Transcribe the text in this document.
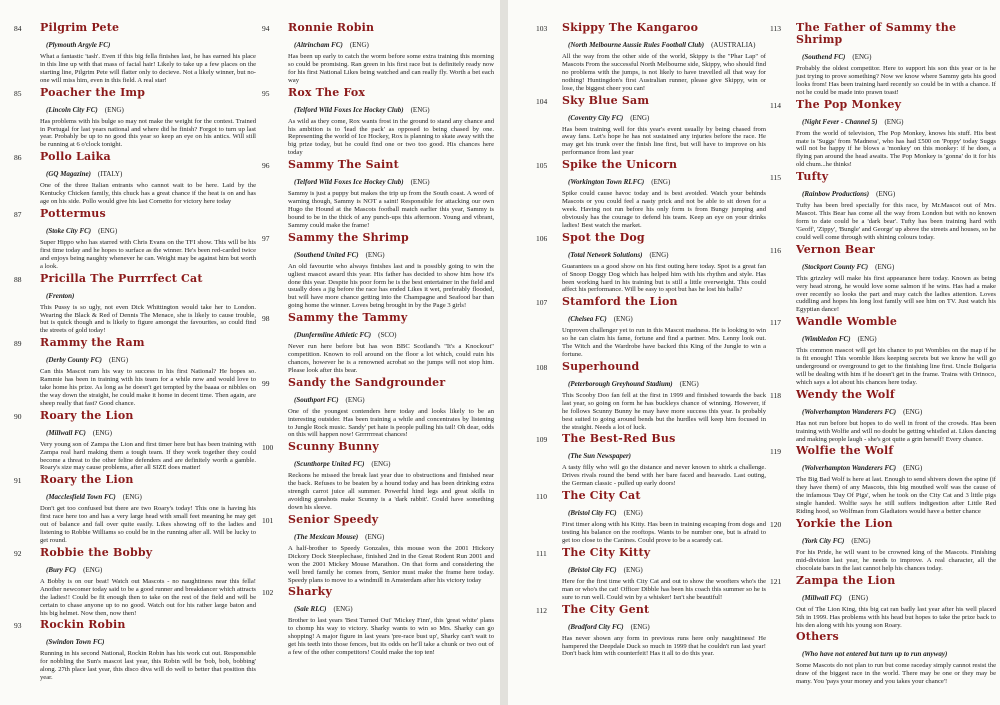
84 Pilgrim Pete
(Plymouth Argyle FC)
What a fantastic 'tash'. Even if this big fella finishes last, he has earned his place in this line up with that mass of facial hair! Likely to take up a few places on the starting line, Pilgrim Pete will flatter only to decieve. Not a likely winner, but no-one will miss him, even in this field. A real star!
85 Poacher the Imp
(Lincoln City FC) (ENG)
Has problems with his bulge so may not make the weight for the contest. Trained in Portugal for last years national and where did he finish? Forgot to turn up last year. Probably be up to no good this year so keep an eye on his antics. Will still be running at 6 o'clock tonight.
86 Pollo Laika
(GQ Magazine) (ITALY)
One of the three Italian entrants who cannot wait to be here. Laid by the Kentucky Chicken family, this chuck has a great chance if the heat is on and has age on his side. Pollo would give his last Cornetto for victory here today
87 Pottermus
(Stoke City FC) (ENG)
Super Hippo who has starred with Chris Evans on the TFI show. This will be his first time today and he hopes to surface as the winner. He's been red-carded twice and enjoys being naughty whenever he can. Weight may be against him but worth a look.
88 Pricilla The Purrrfect Cat
(Frenton)
This Pussy is so ugly, not even Dick Whittington would take her to London. Wearing the Black & Red of Dennis The Menace, she is likely to cause trouble, but is quick though and is likely to figure amongst the favourites, so could find the streets of gold today!
89 Rammy the Ram
(Derby County FC) (ENG)
Can this Mascot ram his way to success in his first National? He hopes so. Rammie has been in training with his team for a while now and would love to take home his prize. As long as he doesn't get tempted by the baaaa or nibbles on the way down the straight, he could make it home in decent time. Then again, are sheep really that fast? Good chance.
90 Roary the Lion
(Millwall FC) (ENG)
Very young son of Zampa the Lion and first timer here but has been training with Zampa real hard making them a tough team. If they work together they could become a threat to the other feline defenders and are definitely worth a gamble. Roary's size may cause problems, after all SIZE does matter!
91 Roary the Lion
(Macclesfield Town FC) (ENG)
Don't get too confused but there are two Roary's today! This one is having his first race here too and has a very large head with small feet meaning he may get out of balance and fall over quite easily. Likes showing off to the ladies and listening to Robbie Williams so could be in the running after all. Will be lucky to get round.
92 Robbie the Bobby
(Bury FC) (ENG)
A Bobby is on our beat! Watch out Mascots - no naughtiness near this fella! Another newcomer today said to be a good runner and breakdancer which attracts the ladies!! Could be fit enough then to take on the rest of the field and will be certain to chase anyone up to no good. Watch out for his rather large baton and his big helmet. Now then, now then!
93 Rockin Robin
(Swindon Town FC)
Running in his second National, Rockin Robin has his work cut out. Responsible for nobbling the Sun's mascot last year, this Robin will be 'bob, bob, bobbing' along. 27th place last year, this disco diva will do well to better that position this year.
94 Ronnie Robin
(Altrincham FC) (ENG)
Has been up early to catch the worm before some extra training this morning so could be promising. Ran green in his first race but is definitely ready now for his first National Likes being watched and can really fly. Worth a bet each way
95 Rox The Fox
(Telford Wild Foxes Ice Hockey Club) (ENG)
As wild as they come, Rox wants frost in the ground to stand any chance and his ambition is to 'lead the pack' as opposed to being chased by one. Representing the world of Ice Hockey, Rox is planning to skate away with the big prize today, but he could find one or two too good. His chances here today
96 Sammy The Saint
(Telford Wild Foxes Ice Hockey Club) (ENG)
Sammy is just a puppy but makes the trip up from the South coast. A word of warning though, Sammy is NOT a saint! Responsible for attacking our own Hugo the Hound at the Mascots football match earlier this year, Sammy is bound to be in the thick of any punch-ups this afternoon. Young and vibrant, Sammy could make the frame!
97 Sammy the Shrimp
(Southend United FC) (ENG)
An old favourite who always finishes last and is possibly going to win the ugliest mascot award this year. His father has decided to show him how it's done this year. Despite his poor form he is the best entertainer in the field and usually does a jig before the race has ended Likes it wet, preferably flooded, but will have more chance getting into the Champagne and Seafood bar than going home the winner. Loves being brought in by the Page 3 girls!
98 Sammy the Tammy
(Dunfermline Athletic FC) (SCO)
Never run here before but has won BBC Scotland's "It's a Knockout" competition. Known to roll around on the floor a lot which, could ruin his chances, however he is a renowned acrobat so the jumps will not stop him. Please look after this bear.
99 Sandy the Sandgrounder
(Southport FC) (ENG)
One of the youngest contenders here today and looks likely to be an interesting outsider. Has been training a while and concentrates by listening to Jungle Rock music. Sandy' pet hate is people pulling his tail! Oh dear, odds on this will happen now! Grrrrrrreat chances!
100 Scunny Bunny
(Scunthorpe United FC) (ENG)
Reckons he missed the break last year due to obstructions and finished near the back. Refuses to be beaten by a hound today and has been drinking extra strength carrot juice all summer. Powerful hind legs and great skills in avoiding gunshots make Scunny is a 'dark rabbit'. Could have something down his sleeve.
101 Senior Speedy
(The Mexican Mouse) (ENG)
A half-brother to Speedy Gonzales, this mouse won the 2001 Hickory Dickory Dock Steeplechase, finished 2nd in the Great Rodent Run 2001 and won the 2001 Mickey Mouse Marathon. On that form and considering the well bred family he comes from, Senior must make the frame here today. Speedy plans to move to a windmill in Amsterdam after his victory today
102 Sharky
(Sale RLC) (ENG)
Brother to last years 'Best Turned Out' 'Mickey Finn', this 'great white' plans to chomp his way to victory. Sharky wants to win so Mrs. Sharky can go shopping! A major figure in last years 'pre-race bust up', Sharky can't wait to get his teeth into those fences, but its odds on he'll take a chunk or two out of a few of the other competitors! Could make the top ten!
103 Skippy The Kangaroo
(North Melbourne Aussie Rules Football Club) (AUSTRALIA)
All the way from the other side of the world, Skippy is the "Phar Lap" of Mascots From the successful North Melbourne side, Skippy, who should find no problems with the jumps, is not likely to have travelled all that way for nothing! Huntingdon's first Australian runner, please give Skippy, win or lose, the biggest cheer you can!
104 Sky Blue Sam
(Coventry City FC) (ENG)
Has been training well for this year's event usually by being chased from away fans. Let's hope he has not sustained any injuries before the race. He may get his trunk over the finish line first, but will have to improve on his performance from last year
105 Spike the Unicorn
(Workington Town RLFC) (ENG)
Spike could cause havoc today and is best avoided. Watch your behinds Mascots or you could feel a nasty prick and not be able to sit down for a week. Having not run before his only form is from Bungy jumping and obviously has the courage to defend his team. Keep an eye on your drinks ladies! Best watch the market.
106 Spot the Dog
(Total Network Solutions) (ENG)
Guarantees us a good show on his first outing here today. Spot is a great fan of Snoop Doggy Dog which has helped him with his rhythm and style. Has been working hard in his training but is still a little overweight. This could affect his performance. Will be easy to spot but has he lost his balls?
107 Stamford the Lion
(Chelsea FC) (ENG)
Unproven challenger yet to run in this Mascot madness. He is looking to win so he can claim his fame, fortune and find a partner. Mrs. Lenny look out. The Witch and the Wardrobe have backed this King of the Jungle to win a fortune.
108 Superhound
(Peterborough Greyhound Stadium) (ENG)
This Scooby Doo fan fell at the first in 1999 and finished towards the back last year, so going on form he has buckleys chance of winning. However, if he follows Scunny Bunny he may have more success this year. Is probably best suited to going around bends but the hurdles will keep him focused in the straight. Needs a lot of luck.
109 The Best-Red Bus
(The Sun Newspaper)
A tasty filly who will go the distance and never known to shirk a challenge. Drives rivals round the bend with her bare faced and heavado. Last outing, the German classic - pulled up early doors!
110 The City Cat
(Bristol City FC) (ENG)
First timer along with his Kitty. Has been in training escaping from dogs and testing his balance on the rooftops. Wants to be number one, but is afraid to get too close to the Canines. Could prove to be a scaredy cat.
111 The City Kitty
(Bristol City FC) (ENG)
Here for the first time with City Cat and out to show the woofters who's the man or who's the cat! Officer Dibble has been his coach this summer so he is sure to run well. Could win by a whisker! Isn't she beautiful!
112 The City Gent
(Bradford City FC) (ENG)
Has never shown any form in previous runs here only naughtiness! He hampered the Deepdale Duck so much in 1999 that he couldn't run last year! Don't back him with counterfeit! Has it all to do this year.
113 The Father of Sammy the Shrimp
(Southend FC) (ENG)
Probably the oldest competitor. Here to support his son this year or is he just trying to prove something? Now we know where Sammy gets his good looks from! Has been training hard recently so could be in with a chance. If not he could be made into prawn toast!
114 The Pop Monkey
(Night Fever - Channel 5) (ENG)
From the world of television, The Pop Monkey, knows his stuff. His best mate is 'Suggs' from 'Madness', who has had £500 on 'Poppy' today Suggs will not be happy if he blows a 'monkey' on this monkey: if he does, a flying pan around the head awaits. The Pop Monkey is 'gonna' do it for his old chum...he thinks!
115 Tufty
(Rainbow Productions) (ENG)
Tufty has been bred specially for this race, by Mr.Mascot out of Mrs. Mascot. This Bear has come all the way from London but with no known form to date could be a 'dark bear'. Tufty has been training hard with 'Geoff', 'Zippy', 'Bungle' and George' up above the streets and houses, so he could well come through with shining colours today.
116 Vernon Bear
(Stockport County FC) (ENG)
This grizzley will make his first appearance here today. Known as being very head strong, he would love some salmon if he wins. Has had a make over recently so looks the part and may catch the ladies attention. Loves cuddling and hopes his long lost family will see him on TV. Just watch his Egyptian dance!
117 Wandle Womble
(Wimbledon FC) (ENG)
This common mascot will get his chance to put Wombles on the map if he is fit enough! This womble likes keeping secrets but we know he will go underground or overground to get to the finishing line first. Uncle Bulgaria will be dealing with him if he doesn't get in the frame. Trains with Orinoco, which says a lot about his chances here today.
118 Wendy the Wolf
(Wolverhampton Wanderers FC) (ENG)
Has not run before but hopes to do well in front of the crowds. Has been training with Wolfie and will no doubt be getting whistled at. Likes dancing and making people laugh - she's got quite a grin herself! Every chance.
119 Wolfie the Wolf
(Wolverhampton Wanderers FC) (ENG)
The Big Bad Wolf is here at last. Enough to send shivers down the spine (if they have them) of any Mascots, this big mouthed wolf was the cause of the infamous 'Day Of Pigs', when he took on the City Cat and 3 little pigs single handed. Wolfie says he still suffers indigestion after Little Red Riding hood, so Wolfman from Gladiators would have a better chance
120 Yorkie the Lion
(York City FC) (ENG)
For his Pride, he will want to be crowned king of the Mascots. Finishing mid-division last year, he needs to improve. A real character, all the chocolate bars in the last cannot help his chances today.
121 Zampa the Lion
(Millwall FC) (ENG)
Out of The Lion King, this big cat ran badly last year after his well placed 5th in 1999. Has problems with his head but hopes to take the prize back to his den along with his young son Roary.
Others
(Who have not entered but turn up to run anyway)
Some Mascots do not plan to run but come raceday simply cannot resist the draw of the biggest race in the world. There may be one or they may be many. You 'pays your money and you takes your chance'!
